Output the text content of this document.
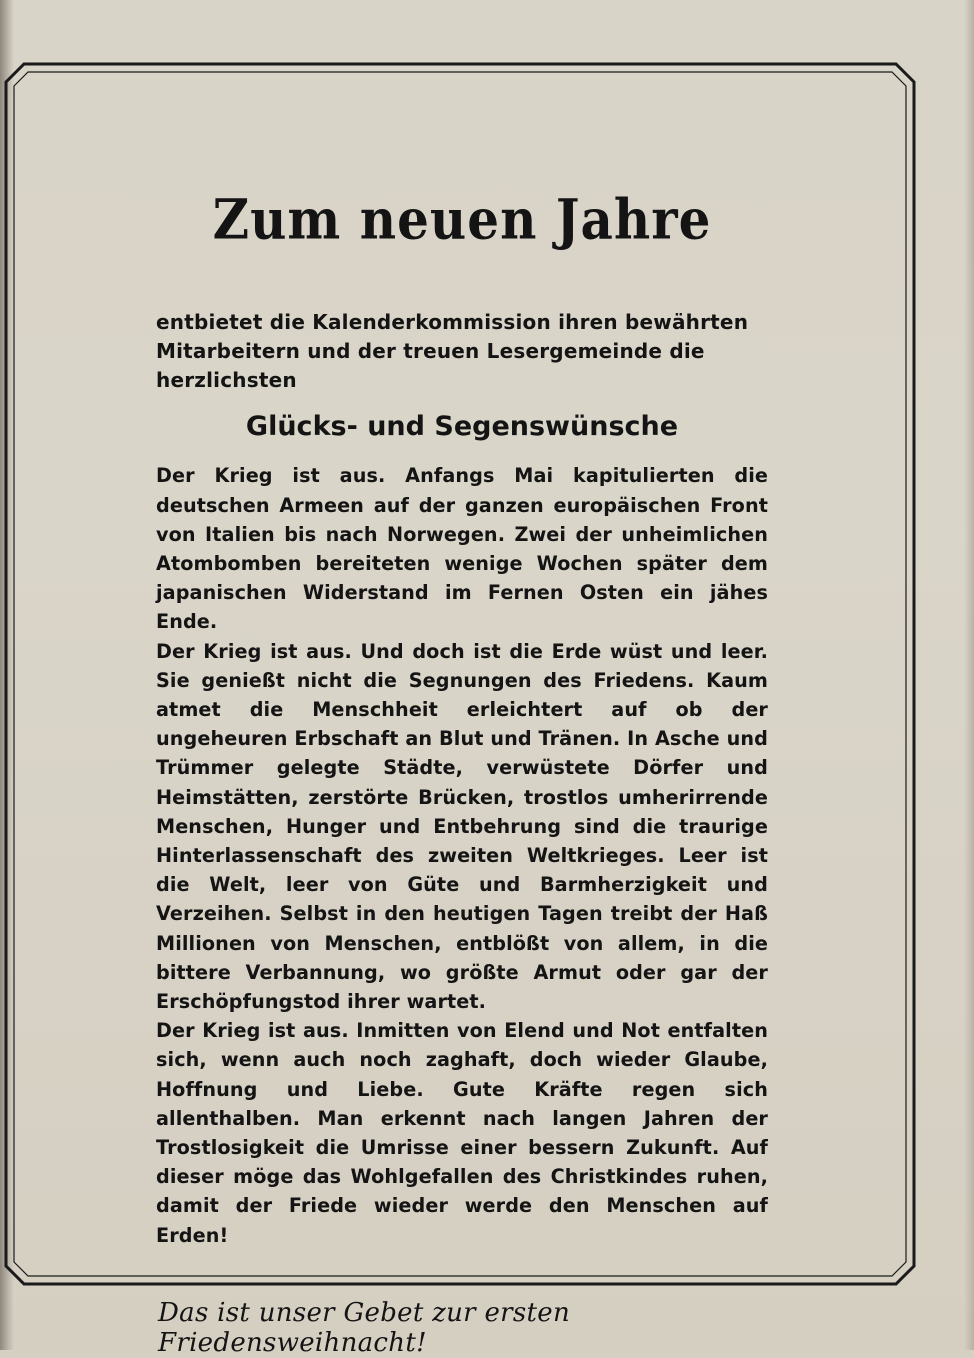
Zum neuen Jahre

entbietet die Kalenderkommission ihren bewährten Mitarbeitern und der treuen Lesergemeinde die herzlichsten

Glücks- und Segenswünsche

Der Krieg ist aus. Anfangs Mai kapitulierten die deutschen Armeen auf der ganzen europäischen Front von Italien bis nach Norwegen. Zwei der unheimlichen Atombomben bereiteten wenige Wochen später dem japanischen Widerstand im Fernen Osten ein jähes Ende.

Der Krieg ist aus. Und doch ist die Erde wüst und leer. Sie genießt nicht die Segnungen des Friedens. Kaum atmet die Menschheit erleichtert auf ob der ungeheuren Erbschaft an Blut und Tränen. In Asche und Trümmer gelegte Städte, verwüstete Dörfer und Heimstätten, zerstörte Brücken, trostlos umherirrende Menschen, Hunger und Entbehrung sind die traurige Hinterlassenschaft des zweiten Weltkrieges. Leer ist die Welt, leer von Güte und Barmherzigkeit und Verzeihen. Selbst in den heutigen Tagen treibt der Haß Millionen von Menschen, entblößt von allem, in die bittere Verbannung, wo größte Armut oder gar der Erschöpfungstod ihrer wartet.

Der Krieg ist aus. Inmitten von Elend und Not entfalten sich, wenn auch noch zaghaft, doch wieder Glaube, Hoffnung und Liebe. Gute Kräfte regen sich allenthalben. Man erkennt nach langen Jahren der Trostlosigkeit die Umrisse einer bessern Zukunft. Auf dieser möge das Wohlgefallen des Christkindes ruhen, damit der Friede wieder werde den Menschen auf Erden!

Das ist unser Gebet zur ersten Friedensweihnacht!
